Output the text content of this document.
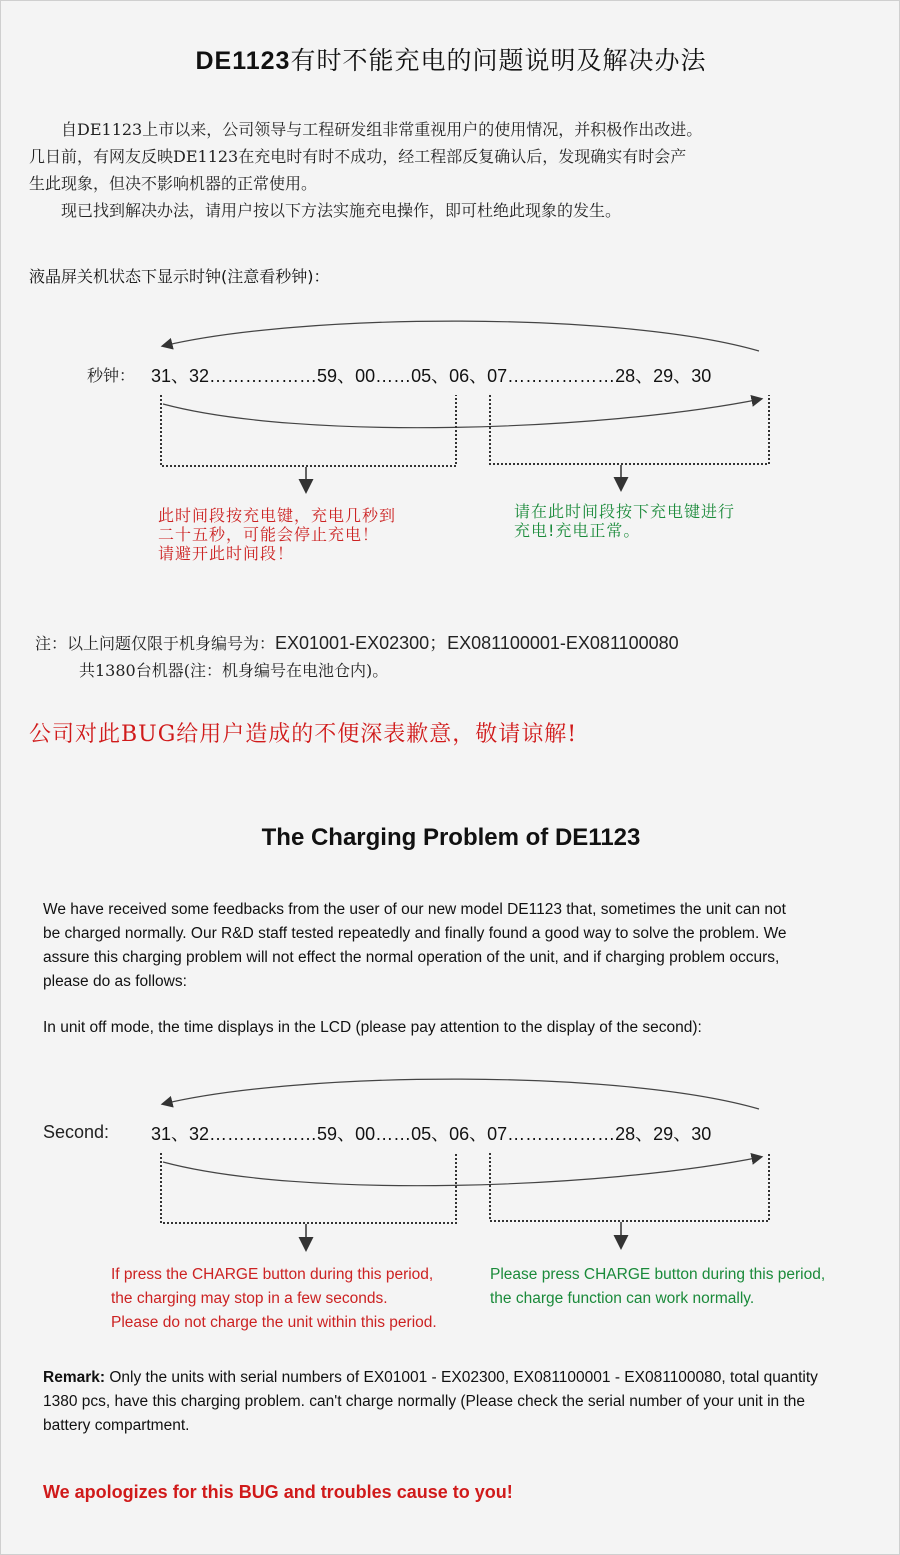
DE1123有时不能充电的问题说明及解决办法
　　自DE1123上市以来，公司领导与工程研发组非常重视用户的使用情况，并积极作出改进。
几日前，有网友反映DE1123在充电时有时不成功，经工程部反复确认后，发现确实有时会产
生此现象，但决不影响机器的正常使用。
　　现已找到解决办法，请用户按以下方法实施充电操作，即可杜绝此现象的发生。
液晶屏关机状态下显示时钟(注意看秒钟)：
秒钟： 31、32………………59、00……05、06、07………………28、29、30
此时间段按充电键，充电几秒到
二十五秒，可能会停止充电！
请避开此时间段！
请在此时间段按下充电键进行
充电!充电正常。
注：以上问题仅限于机身编号为：EX01001-EX02300；EX081100001-EX081100080
共1380台机器(注：机身编号在电池仓内)。
公司对此BUG给用户造成的不便深表歉意，敬请谅解!
The Charging Problem of DE1123
We have received some feedbacks from the user of our new model DE1123 that, sometimes the unit can not
be charged normally. Our R&D staff tested repeatedly and finally found a good way to solve the problem. We
assure this charging problem will not effect the normal operation of the unit, and if charging problem occurs,
please do as follows:
In unit off mode, the time displays in the LCD (please pay attention to the display of the second):
Second: 31、32………………59、00……05、06、07………………28、29、30
If press the CHARGE button during this period,
the charging may stop in a few seconds.
Please do not charge the unit within this period.
Please press CHARGE button during this period,
the charge function can work normally.
Remark: Only the units with serial numbers of EX01001 - EX02300, EX081100001 - EX081100080, total quantity
1380 pcs, have this charging problem. can't charge normally (Please check the serial number of your unit in the
battery compartment.
We apologizes for this BUG and troubles cause to you!
